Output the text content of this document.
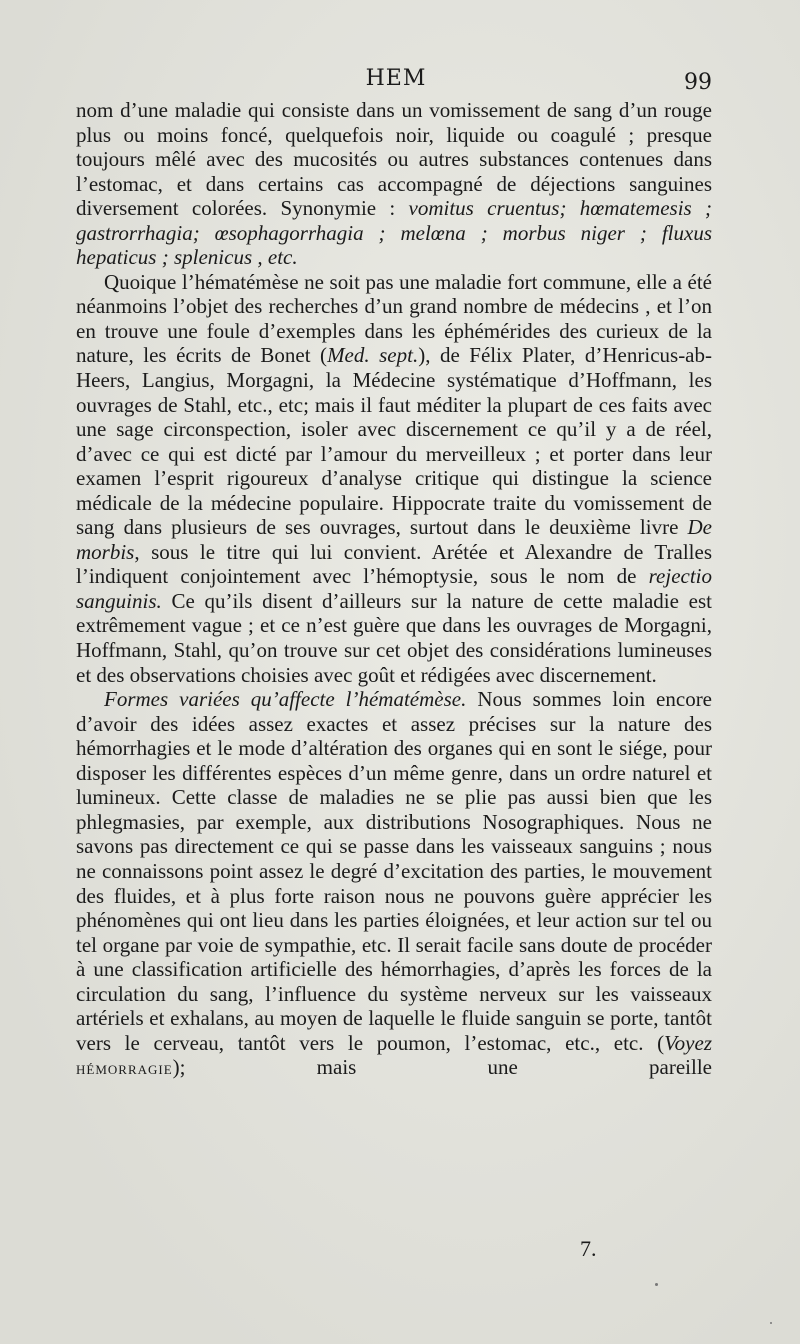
HEM	99

nom d’une maladie qui consiste dans un vomissement de sang d’un rouge plus ou moins foncé, quelquefois noir, liquide ou coagulé ; presque toujours mêlé avec des mucosités ou autres substances contenues dans l’estomac, et dans certains cas accompagné de déjections sanguines diversement colorées. Synonymie : vomitus cruentus; hœmatemesis ; gastrorrhagia; œsophagorrhagia ; melœna ; morbus niger ; fluxus hepaticus ; splenicus , etc.

Quoique l’hématémèse ne soit pas une maladie fort commune, elle a été néanmoins l’objet des recherches d’un grand nombre de médecins , et l’on en trouve une foule d’exemples dans les éphémérides des curieux de la nature, les écrits de Bonet (Med. sept.), de Félix Plater, d’Henricus-ab-Heers, Langius, Morgagni, la Médecine systématique d’Hoffmann, les ouvrages de Stahl, etc., etc; mais il faut méditer la plupart de ces faits avec une sage circonspection, isoler avec discernement ce qu’il y a de réel, d’avec ce qui est dicté par l’amour du merveilleux ; et porter dans leur examen l’esprit rigoureux d’analyse critique qui distingue la science médicale de la médecine populaire. Hippocrate traite du vomissement de sang dans plusieurs de ses ouvrages, surtout dans le deuxième livre De morbis, sous le titre qui lui convient. Arétée et Alexandre de Tralles l’indiquent conjointement avec l’hémoptysie, sous le nom de rejectio sanguinis. Ce qu’ils disent d’ailleurs sur la nature de cette maladie est extrêmement vague ; et ce n’est guère que dans les ouvrages de Morgagni, Hoffmann, Stahl, qu’on trouve sur cet objet des considérations lumineuses et des observations choisies avec goût et rédigées avec discernement.

Formes variées qu’affecte l’hématémèse. Nous sommes loin encore d’avoir des idées assez exactes et assez précises sur la nature des hémorrhagies et le mode d’altération des organes qui en sont le siége, pour disposer les différentes espèces d’un même genre, dans un ordre naturel et lumineux. Cette classe de maladies ne se plie pas aussi bien que les phlegmasies, par exemple, aux distributions Nosographiques. Nous ne savons pas directement ce qui se passe dans les vaisseaux sanguins ; nous ne connaissons point assez le degré d’excitation des parties, le mouvement des fluides, et à plus forte raison nous ne pouvons guère apprécier les phénomènes qui ont lieu dans les parties éloignées, et leur action sur tel ou tel organe par voie de sympathie, etc. Il serait facile sans doute de procéder à une classification artificielle des hémorrhagies, d’après les forces de la circulation du sang, l’influence du système nerveux sur les vaisseaux artériels et exhalans, au moyen de laquelle le fluide sanguin se porte, tantôt vers le cerveau, tantôt vers le poumon, l’estomac, etc., etc. (Voyez hémorragie); mais une pareille

7.
